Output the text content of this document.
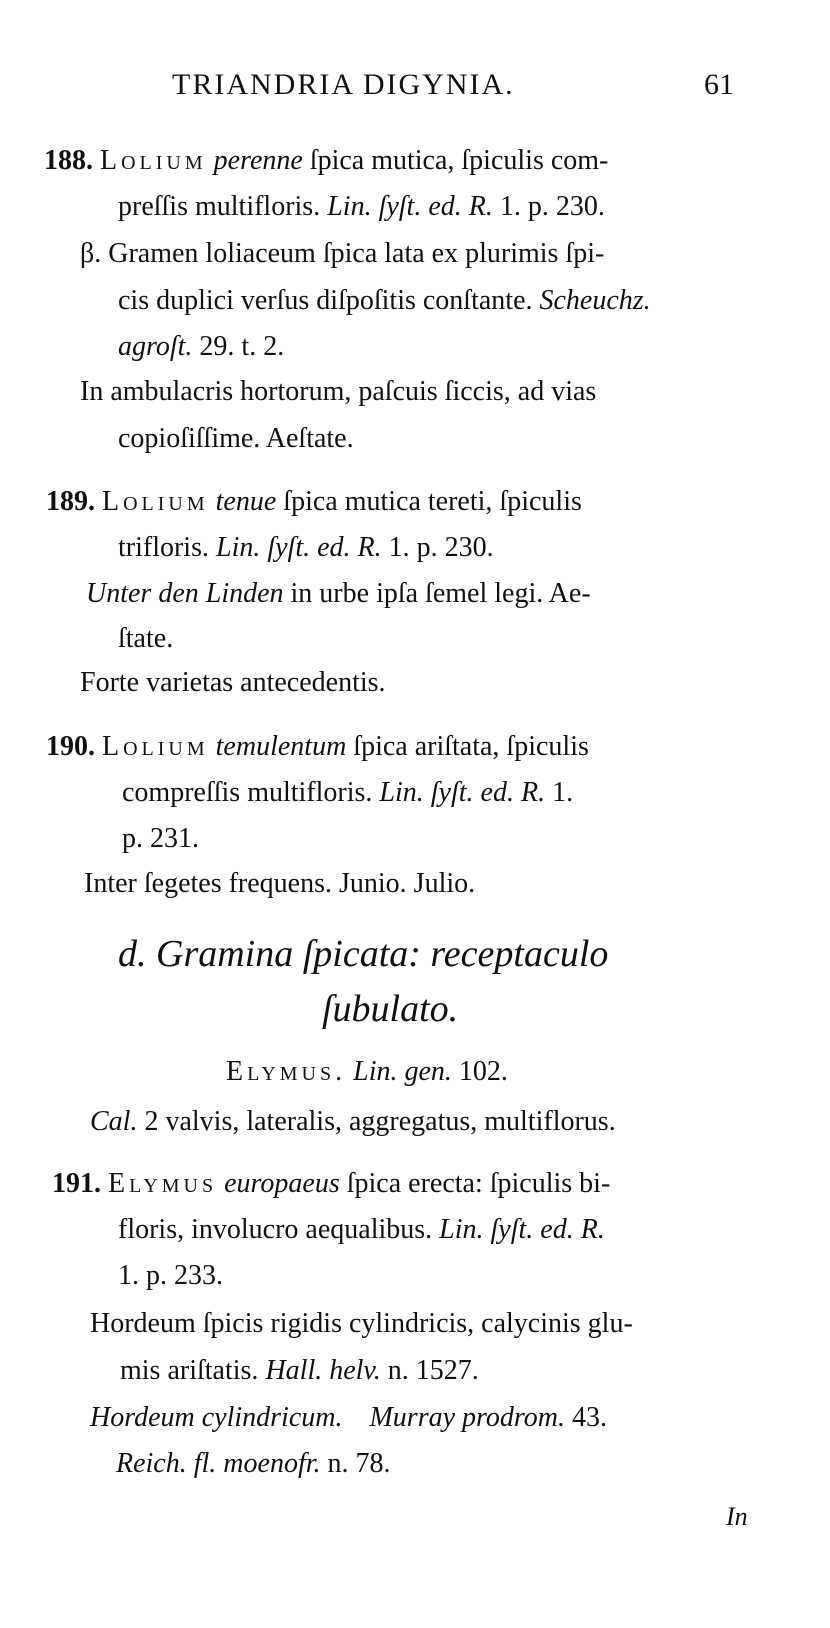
TRIANDRIA DIGYNIA.	61
188. Lolium perenne ſpica mutica, ſpiculis com-
preſſis multifloris. Lin. ſyſt. ed. R. 1. p. 230.
β. Gramen loliaceum ſpica lata ex plurimis ſpi-
cis duplici verſus diſpoſitis conſtante. Scheuchz.
agroſt. 29. t. 2.
In ambulacris hortorum, paſcuis ſiccis, ad vias
copioſiſſime. Aeſtate.
189. Lolium tenue ſpica mutica tereti, ſpiculis
trifloris. Lin. ſyſt. ed. R. 1. p. 230.
Unter den Linden in urbe ipſa ſemel legi. Ae-
ſtate.
Forte varietas antecedentis.
190. Lolium temulentum ſpica ariſtata, ſpiculis
compreſſis multifloris. Lin. ſyſt. ed. R. 1.
p. 231.
Inter ſegetes frequens. Junio. Julio.
d. Gramina ſpicata: receptaculo
ſubulato.
Elymus. Lin. gen. 102.
Cal. 2 valvis, lateralis, aggregatus, multiflorus.
191. Elymus europaeus ſpica erecta: ſpiculis bi-
floris, involucro aequalibus. Lin. ſyſt. ed. R.
1. p. 233.
Hordeum ſpicis rigidis cylindricis, calycinis glu-
mis ariſtatis. Hall. helv. n. 1527.
Hordeum cylindricum. Murray prodrom. 43.
Reich. fl. moenofr. n. 78.
In
